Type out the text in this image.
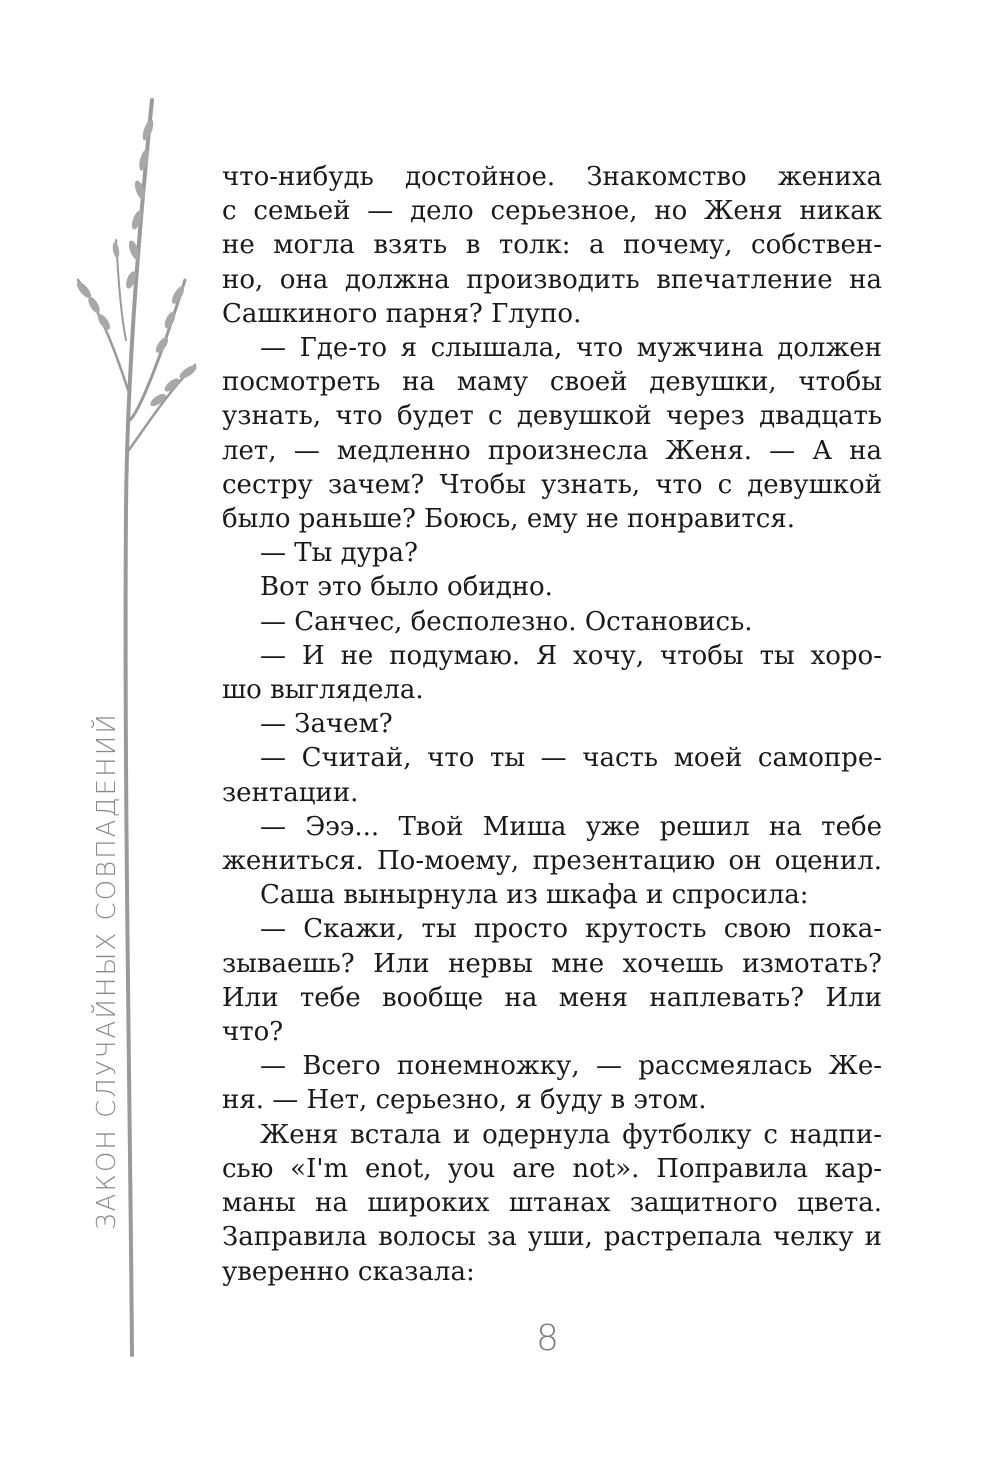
ЗАКОН СЛУЧАЙНЫХ СОВПАДЕНИЙ
что-нибудь достойное. Знакомство жениха
с семьей — дело серьезное, но Женя никак
не могла взять в толк: а почему, собствен-
но, она должна производить впечатление на
Сашкиного парня? Глупо.
— Где-то я слышала, что мужчина должен
посмотреть на маму своей девушки, чтобы
узнать, что будет с девушкой через двадцать
лет, — медленно произнесла Женя. — А на
сестру зачем? Чтобы узнать, что с девушкой
было раньше? Боюсь, ему не понравится.
— Ты дура?
Вот это было обидно.
— Санчес, бесполезно. Остановись.
— И не подумаю. Я хочу, чтобы ты хоро-
шо выглядела.
— Зачем?
— Считай, что ты — часть моей самопре-
зентации.
— Эээ... Твой Миша уже решил на тебе
жениться. По-моему, презентацию он оценил.
Саша вынырнула из шкафа и спросила:
— Скажи, ты просто крутость свою пока-
зываешь? Или нервы мне хочешь измотать?
Или тебе вообще на меня наплевать? Или
что?
— Всего понемножку, — рассмеялась Же-
ня. — Нет, серьезно, я буду в этом.
Женя встала и одернула футболку с надпи-
сью «I'm enot, you are not». Поправила кар-
маны на широких штанах защитного цвета.
Заправила волосы за уши, растрепала челку и
уверенно сказала:
8
